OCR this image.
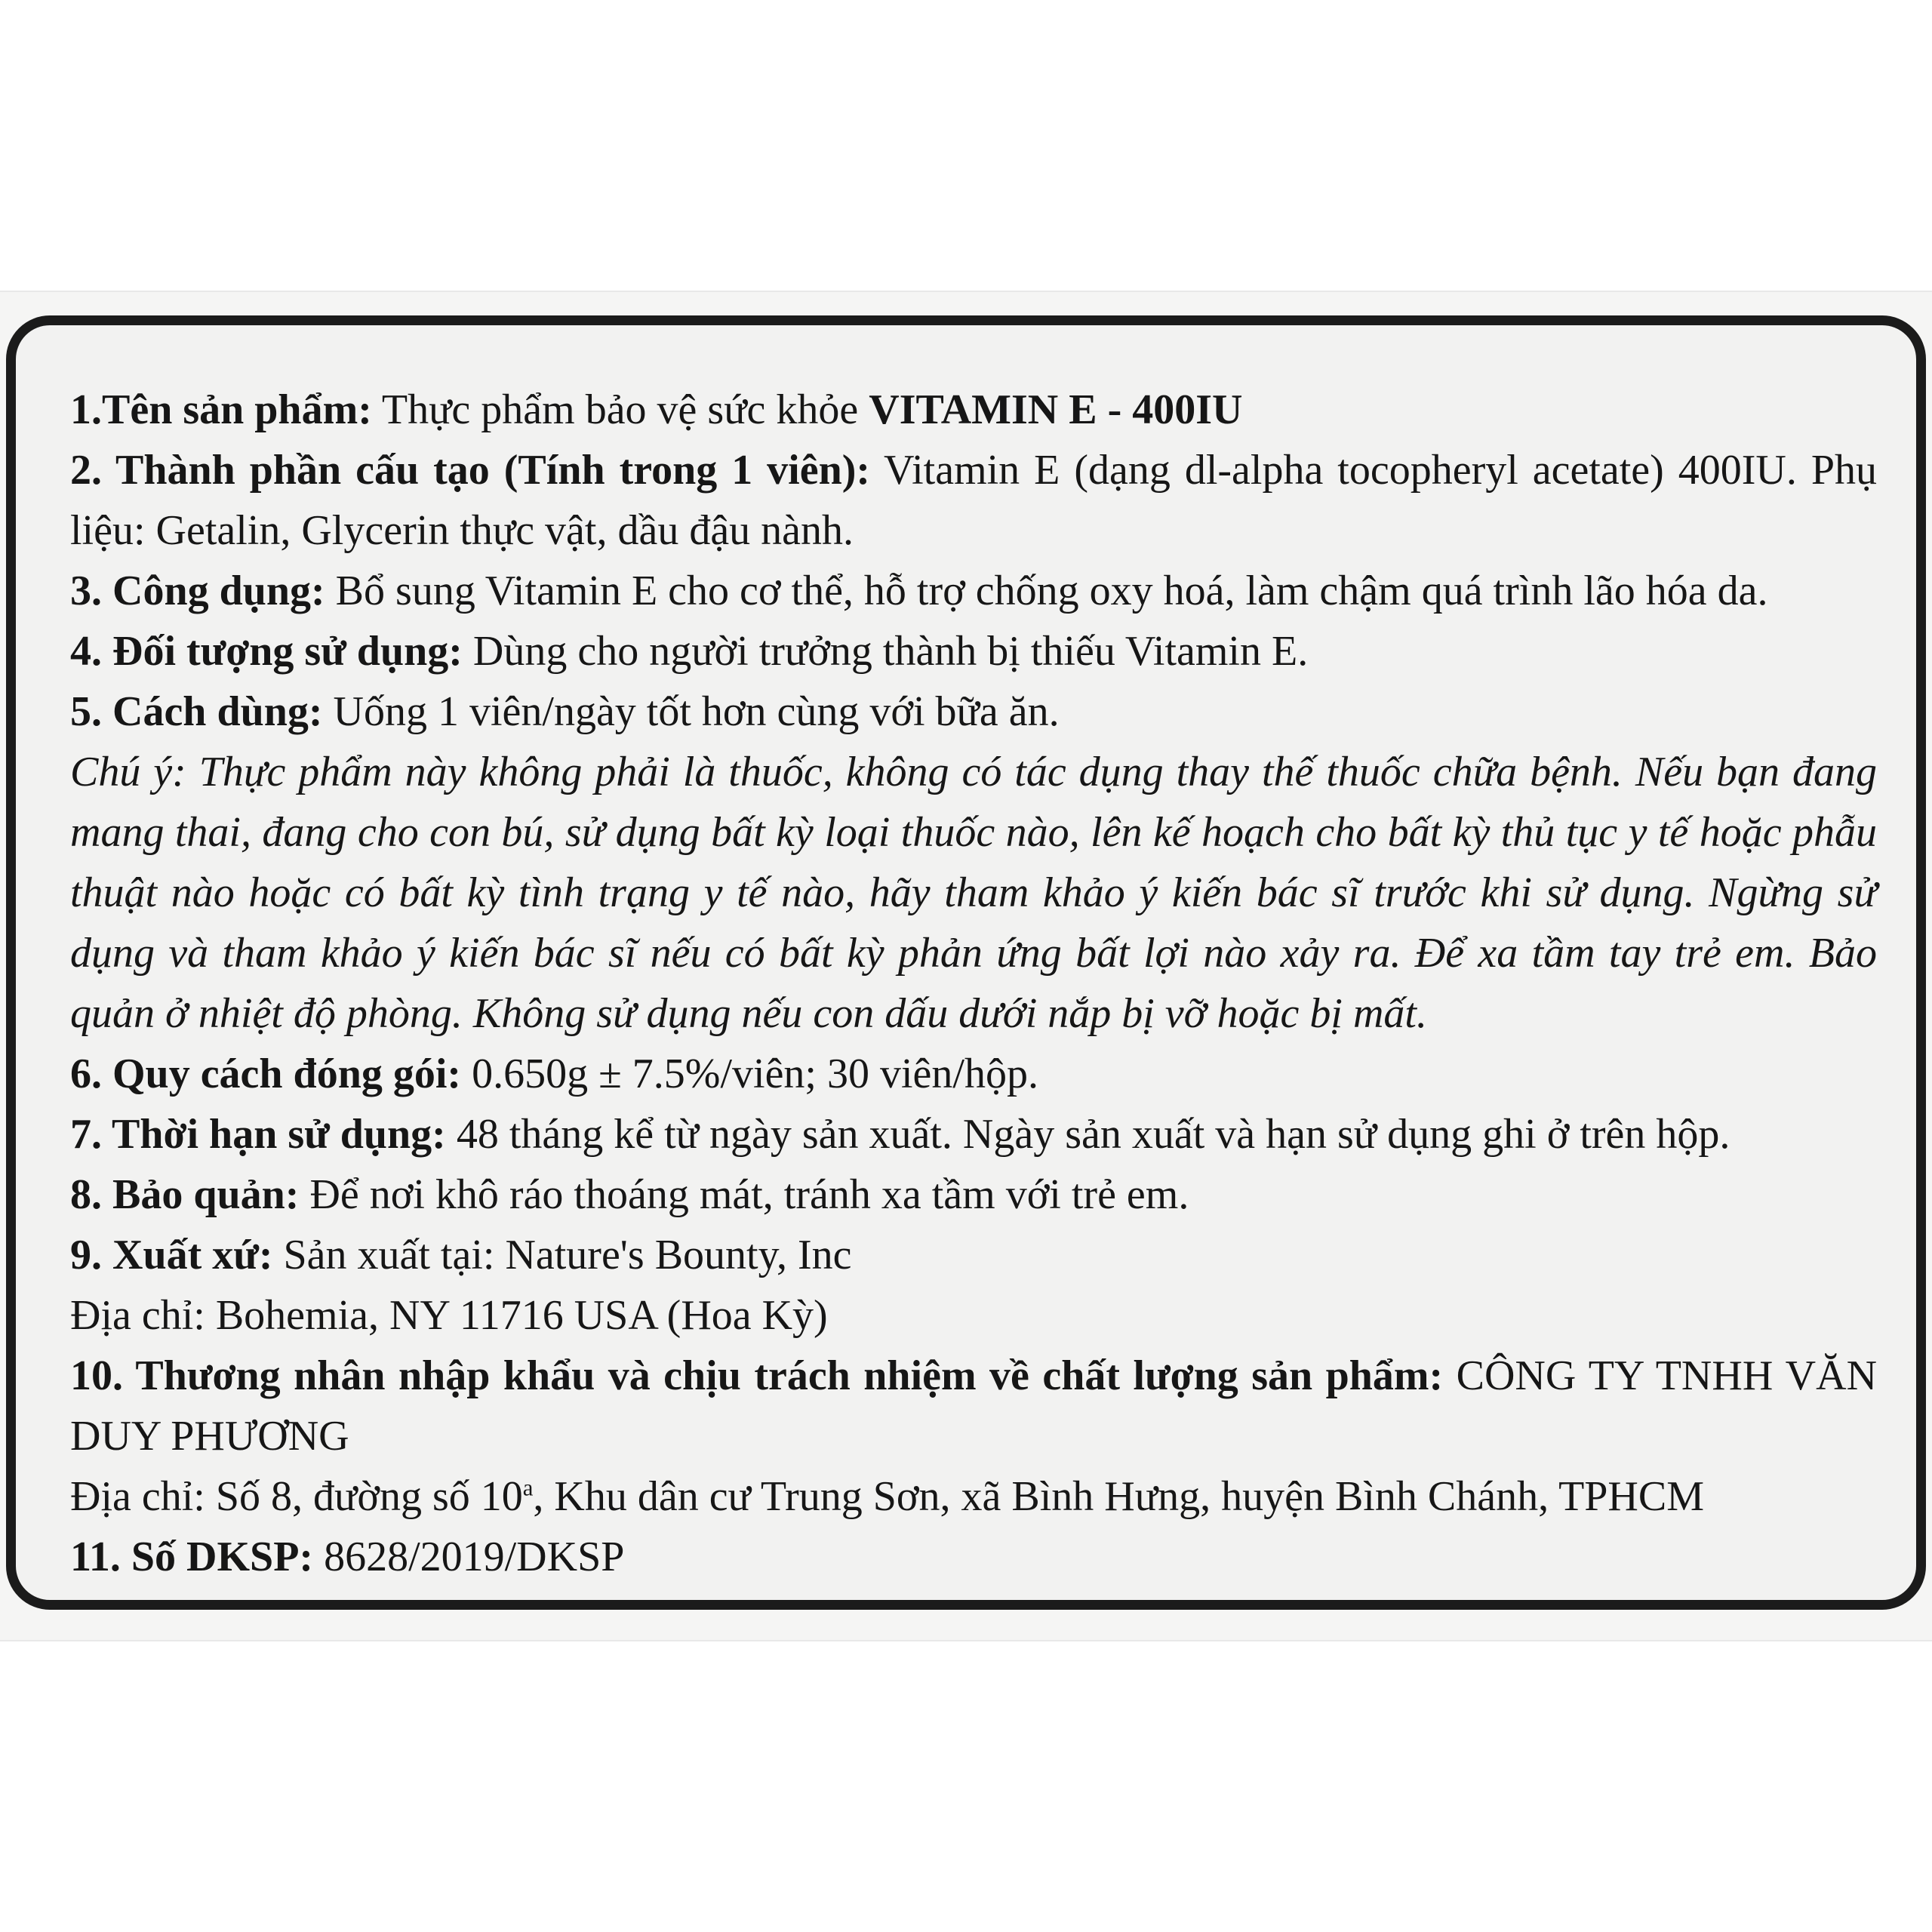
1.Tên sản phẩm: Thực phẩm bảo vệ sức khỏe VITAMIN E - 400IU

2. Thành phần cấu tạo (Tính trong 1 viên): Vitamin E (dạng dl-alpha tocopheryl acetate) 400IU. Phụ liệu: Getalin, Glycerin thực vật, dầu đậu nành.

3. Công dụng: Bổ sung Vitamin E cho cơ thể, hỗ trợ chống oxy hoá, làm chậm quá trình lão hóa da.

4. Đối tượng sử dụng: Dùng cho người trưởng thành bị thiếu Vitamin E.

5. Cách dùng: Uống 1 viên/ngày tốt hơn cùng với bữa ăn.

Chú ý: Thực phẩm này không phải là thuốc, không có tác dụng thay thế thuốc chữa bệnh. Nếu bạn đang mang thai, đang cho con bú, sử dụng bất kỳ loại thuốc nào, lên kế hoạch cho bất kỳ thủ tục y tế hoặc phẫu thuật nào hoặc có bất kỳ tình trạng y tế nào, hãy tham khảo ý kiến bác sĩ trước khi sử dụng. Ngừng sử dụng và tham khảo ý kiến bác sĩ nếu có bất kỳ phản ứng bất lợi nào xảy ra. Để xa tầm tay trẻ em. Bảo quản ở nhiệt độ phòng. Không sử dụng nếu con dấu dưới nắp bị vỡ hoặc bị mất.

6. Quy cách đóng gói: 0.650g ± 7.5%/viên; 30 viên/hộp.

7. Thời hạn sử dụng: 48 tháng kể từ ngày sản xuất. Ngày sản xuất và hạn sử dụng ghi ở trên hộp.

8. Bảo quản: Để nơi khô ráo thoáng mát, tránh xa tầm với trẻ em.

9. Xuất xứ: Sản xuất tại: Nature's Bounty, Inc

Địa chỉ: Bohemia, NY 11716 USA (Hoa Kỳ)

10. Thương nhân nhập khẩu và chịu trách nhiệm về chất lượng sản phẩm: CÔNG TY TNHH VĂN DUY PHƯƠNG

Địa chỉ: Số 8, đường số 10$^a$, Khu dân cư Trung Sơn, xã Bình Hưng, huyện Bình Chánh, TPHCM

11. Số DKSP: 8628/2019/DKSP
